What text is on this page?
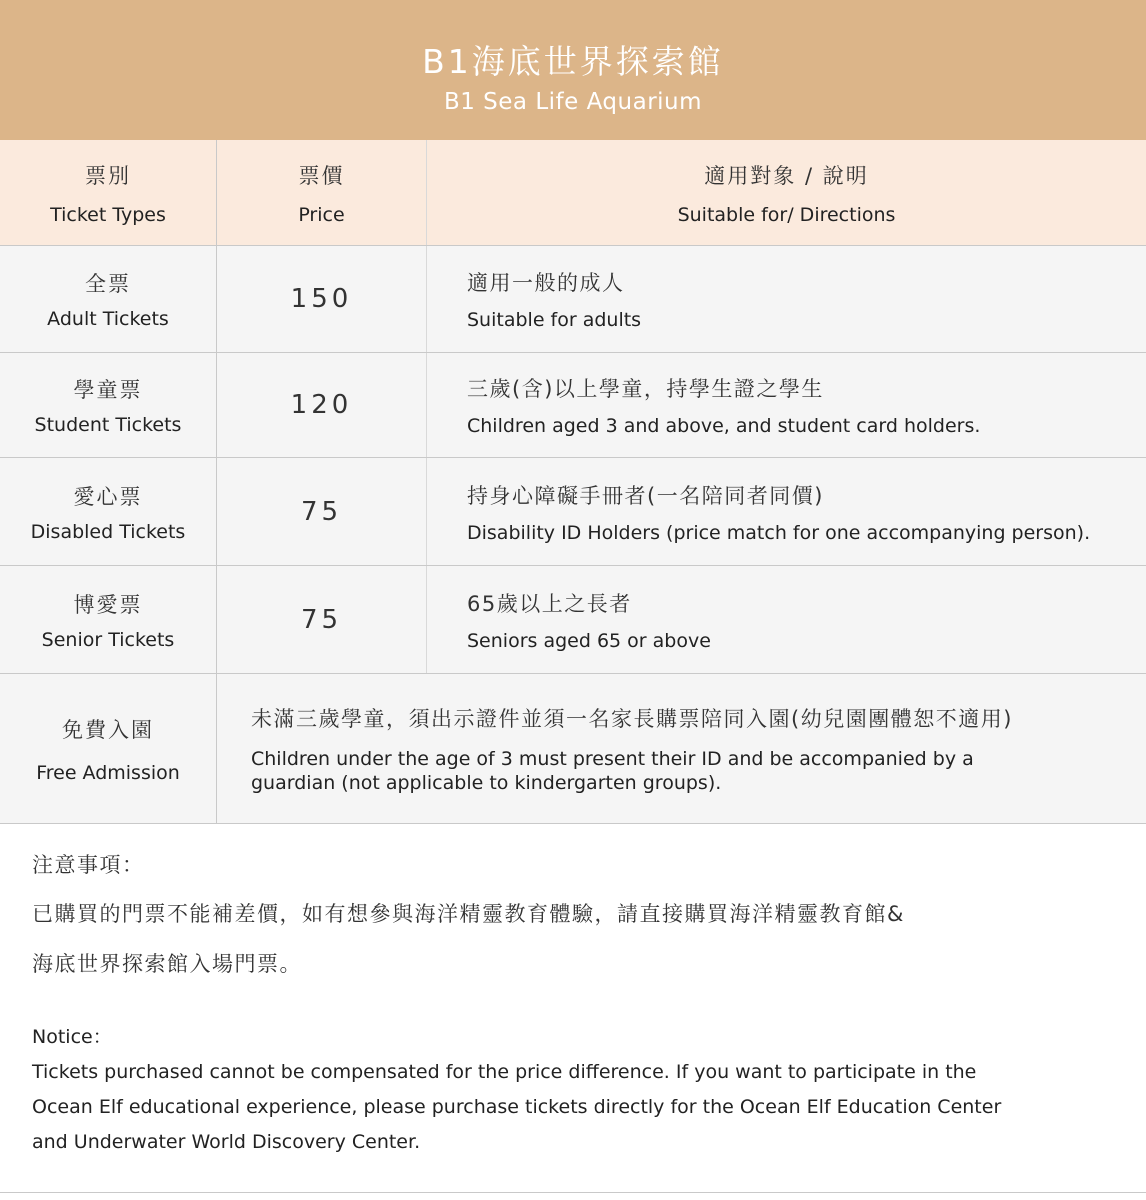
B1海底世界探索館
B1 Sea Life Aquarium
票別
Ticket Types
票價
Price
適用對象 / 說明
Suitable for/ Directions
全票
Adult Tickets
150
適用一般的成人
Suitable for adults
學童票
Student Tickets
120
三歲(含)以上學童，持學生證之學生
Children aged 3 and above, and student card holders.
愛心票
Disabled Tickets
75
持身心障礙手冊者(一名陪同者同價)
Disability ID Holders (price match for one accompanying person).
博愛票
Senior Tickets
75
65歲以上之長者
Seniors aged 65 or above
免費入園
Free Admission
未滿三歲學童，須出示證件並須一名家長購票陪同入園(幼兒園團體恕不適用)
Children under the age of 3 must present their ID and be accompanied by a
guardian (not applicable to kindergarten groups).
注意事項：
已購買的門票不能補差價，如有想參與海洋精靈教育體驗，請直接購買海洋精靈教育館&
海底世界探索館入場門票。
Notice：
Tickets purchased cannot be compensated for the price difference. If you want to participate in the
Ocean Elf educational experience, please purchase tickets directly for the Ocean Elf Education Center
and Underwater World Discovery Center.
